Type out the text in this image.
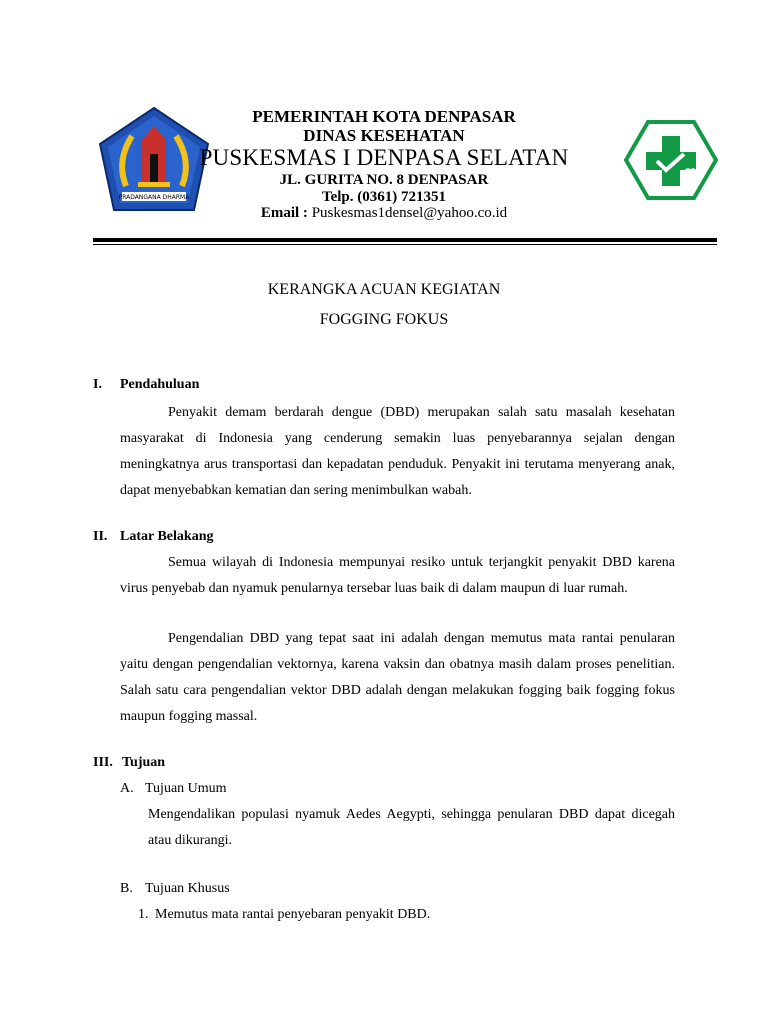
PRADANGANA DHARMA
PEMERINTAH KOTA DENPASAR
DINAS KESEHATAN
PUSKESMAS I DENPASA SELATAN
JL. GURITA NO. 8 DENPASAR
Telp. (0361) 721351
Email : Puskesmas1densel@yahoo.co.id
KERANGKA ACUAN KEGIATAN
FOGGING FOKUS
I. Pendahuluan
Penyakit demam berdarah dengue (DBD) merupakan salah satu masalah kesehatan masyarakat di Indonesia yang cenderung semakin luas penyebarannya sejalan dengan meningkatnya arus transportasi dan kepadatan penduduk. Penyakit ini terutama menyerang anak, dapat menyebabkan kematian dan sering menimbulkan wabah.
II. Latar Belakang
Semua wilayah di Indonesia mempunyai resiko untuk terjangkit penyakit DBD karena virus penyebab dan nyamuk penularnya tersebar luas baik di dalam maupun di luar rumah.
Pengendalian DBD yang tepat saat ini adalah dengan memutus mata rantai penularan yaitu dengan pengendalian vektornya, karena vaksin dan obatnya masih dalam proses penelitian. Salah satu cara pengendalian vektor DBD adalah dengan melakukan fogging baik fogging fokus maupun fogging massal.
III. Tujuan
A. Tujuan Umum
Mengendalikan populasi nyamuk Aedes Aegypti, sehingga penularan DBD dapat dicegah atau dikurangi.
B. Tujuan Khusus
1. Memutus mata rantai penyebaran penyakit DBD.
